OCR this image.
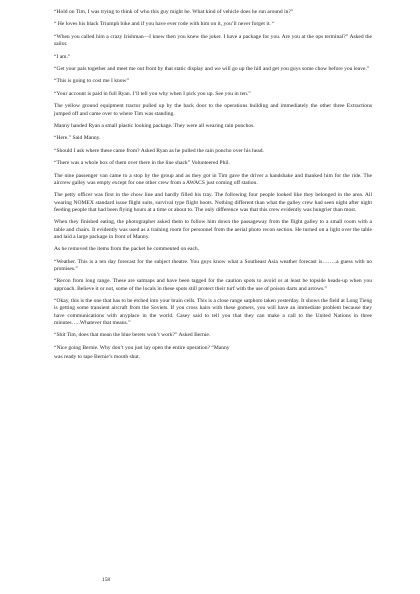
“Hold on Tim, I was trying to think of who this guy might be. What kind of vehicle does he run around in?”

“ He loves his black Triumph bike and if you have ever rode with him on it, you’ll never forget it. “

“When you called him a crazy Irishman—I knew then you knew the joker. I have a package for you. Are you at the ops terminal?” Asked the sailor.

“I am.”

“Get your pals together and meet me out front by that static display and we will go up the hill and get you guys some chow before you leave.”

“This is going to cost me I know”

“Your account is paid in full Ryan. I’ll tell you why when I pick you up. See you in ten.”

The yellow ground equipment tractor pulled up by the back door to the operations building and immediately the other three Extractions jumped off and came over to where Tim was standing.

Manny handed Ryan a small plastic looking package. They were all wearing rain ponchos.

“Here.” Said Manny.

“Should I ask where these came from? Asked Ryan as he pulled the rain poncho over his head.

“There was a whole box of them over there in the line shack” Volunteered Phil.

The nine passenger van came to a stop by the group and as they got in Tim gave the driver a handshake and thanked him for the ride. The aircrew galley was empty except for one other crew from a AWACS just coming off station.

The petty officer was first in the chow line and hardly filled his tray. The following four people looked like they belonged in the area. All wearing NOMEX standard issue flight suits, survival type flight boots. Nothing different than what the galley crew had seen night after night feeding people that had been flying hours at a time or about to. The only difference was that this crew evidently was hungrier than most.

When they finished eating, the photographer asked them to follow him down the passageway from the flight galley to a small room with a table and chairs. It evidently was used as a training room for personnel from the aerial photo recon section. He turned on a light over the table and laid a large package in front of Manny.

As he removed the items from the packet he commented on each.

“Weather. This is a ten day forecast for the subject theatre. You guys know what a Southeast Asia weather forecast is……..a guess with no promises.”

“Recon from long range. These are satmaps and have been tagged for the caution spots to avoid or at least be topside heads-up when you approach. Believe it or not, some of the locals in these spots still protect their turf with the use of poison darts and arrows.”

“Okay, this is the one that has to be etched into your brain cells. This is a close range satphoto taken yesterday. It shows the field at Long Tieng is getting some transient aircraft from the Soviets. If you cross hairs with these gomers, you will have an immediate problem because they have communications with anyplace in the world. Casey said to tell you that they can make a call to the United Nations in three minutes…..Whatever that means.”

“Shit Tim, does that mean the blue berets won’t work?” Asked Bernie.

“Nice going Bernie. Why don’t you just lay open the entire operation? “Manny

was ready to tape Bernie’s mouth shut.

158
